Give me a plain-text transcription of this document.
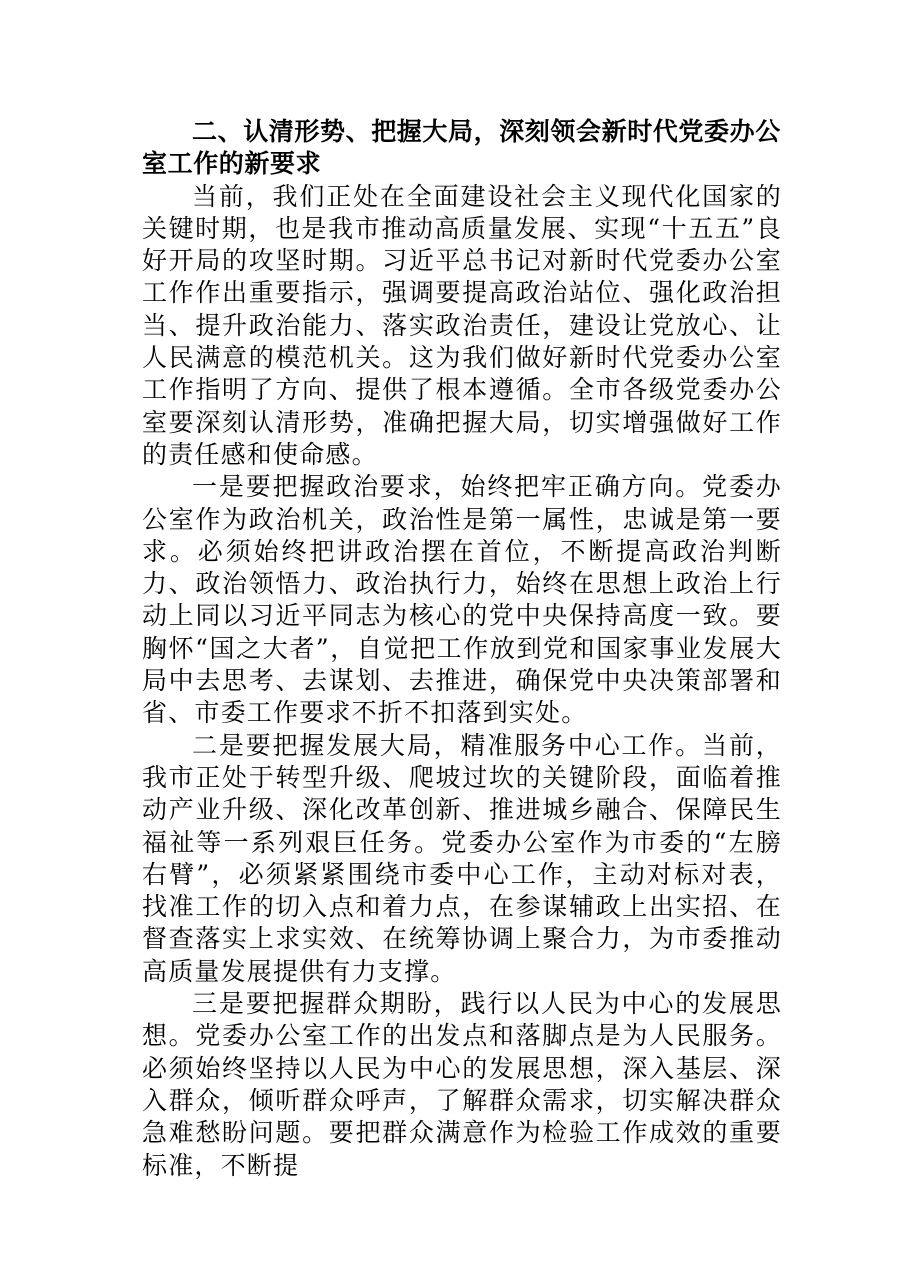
二、认清形势、把握大局，深刻领会新时代党委办公室工作的新要求

当前，我们正处在全面建设社会主义现代化国家的关键时期，也是我市推动高质量发展、实现“十五五”良好开局的攻坚时期。习近平总书记对新时代党委办公室工作作出重要指示，强调要提高政治站位、强化政治担当、提升政治能力、落实政治责任，建设让党放心、让人民满意的模范机关。这为我们做好新时代党委办公室工作指明了方向、提供了根本遵循。全市各级党委办公室要深刻认清形势，准确把握大局，切实增强做好工作的责任感和使命感。

一是要把握政治要求，始终把牢正确方向。党委办公室作为政治机关，政治性是第一属性，忠诚是第一要求。必须始终把讲政治摆在首位，不断提高政治判断力、政治领悟力、政治执行力，始终在思想上政治上行动上同以习近平同志为核心的党中央保持高度一致。要胸怀“国之大者”，自觉把工作放到党和国家事业发展大局中去思考、去谋划、去推进，确保党中央决策部署和省、市委工作要求不折不扣落到实处。

二是要把握发展大局，精准服务中心工作。当前，我市正处于转型升级、爬坡过坎的关键阶段，面临着推动产业升级、深化改革创新、推进城乡融合、保障民生福祉等一系列艰巨任务。党委办公室作为市委的“左膀右臂”，必须紧紧围绕市委中心工作，主动对标对表，找准工作的切入点和着力点，在参谋辅政上出实招、在督查落实上求实效、在统筹协调上聚合力，为市委推动高质量发展提供有力支撑。

三是要把握群众期盼，践行以人民为中心的发展思想。党委办公室工作的出发点和落脚点是为人民服务。必须始终坚持以人民为中心的发展思想，深入基层、深入群众，倾听群众呼声，了解群众需求，切实解决群众急难愁盼问题。要把群众满意作为检验工作成效的重要标准，不断提
